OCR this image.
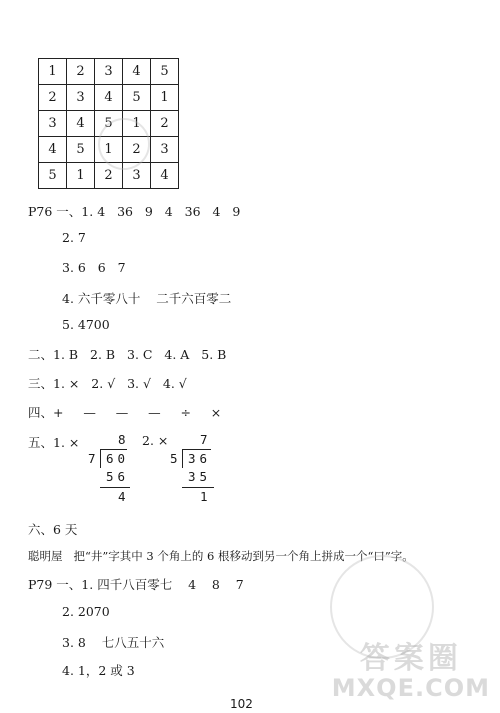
1	2	3	4	5
2	3	4	5	1
3	4	5	1	2
4	5	1	2	3
5	1	2	3	4
P76 一、1. 4   36   9   4   36   4   9
2. 7
3. 6   6   7
4. 六千零八十    二千六百零二
5. 4700
二、1. B   2. B   3. C   4. A   5. B
三、1. ×   2. √   3. √   4. √
四、+     —     —     —     ÷     ×
五、1. ×	2. ×
8
7 60
56
4
7
5 36
35
1
六、6 天
聪明屋   把“井”字其中 3 个角上的 6 根移动到另一个角上拼成一个“口”字。
P79 一、1. 四千八百零七    4    8    7
2. 2070
3. 8    七八五十六
4. 1，2 或 3	答案圈
MXQE.COM
102
